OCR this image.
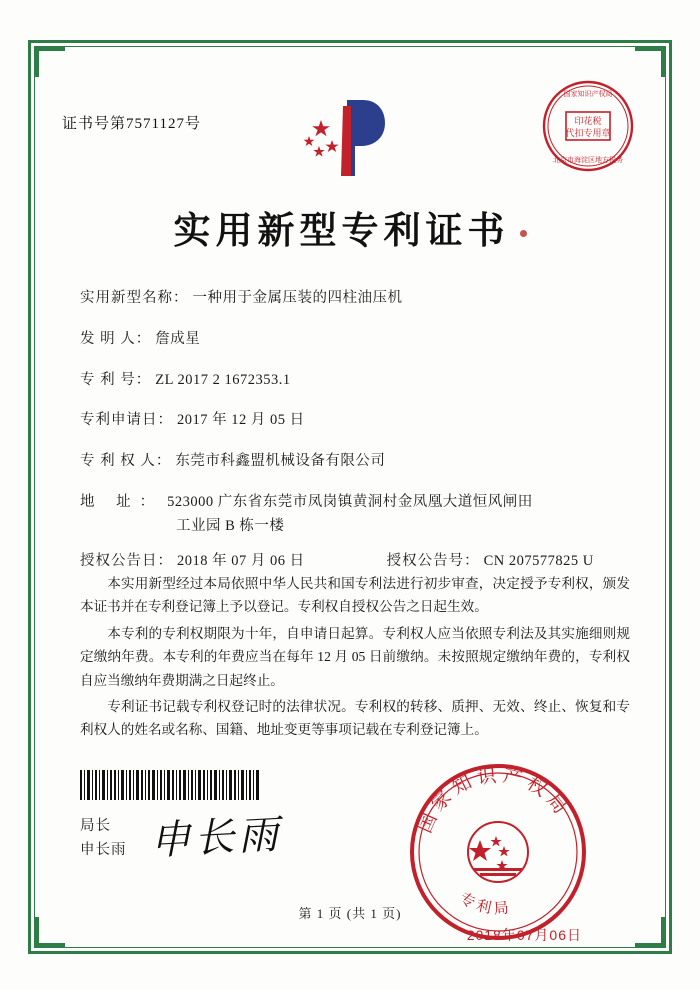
证书号第7571127号	印花税
代扣专用章
国家知识产权局
北京市海淀区地方税务
实用新型专利证书
实用新型名称： 一种用于金属压装的四柱油压机
发 明 人： 詹成星
专 利 号： ZL 2017 2 1672353.1
专利申请日： 2017 年 12 月 05 日
专 利 权 人： 东莞市科鑫盟机械设备有限公司
地 址： 523000 广东省东莞市凤岗镇黄洞村金凤凰大道恒风闸田
工业园 B 栋一楼
授权公告日： 2018 年 07 月 06 日	授权公告号： CN 207577825 U

本实用新型经过本局依照中华人民共和国专利法进行初步审查，决定授予专利权，颁发本证书并在专利登记簿上予以登记。专利权自授权公告之日起生效。

本专利的专利权期限为十年，自申请日起算。专利权人应当依照专利法及其实施细则规定缴纳年费。本专利的年费应当在每年 12 月 05 日前缴纳。未按照规定缴纳年费的，专利权自应当缴纳年费期满之日起终止。

专利证书记载专利权登记时的法律状况。专利权的转移、质押、无效、终止、恢复和专利权人的姓名或名称、国籍、地址变更等事项记载在专利登记簿上。

局长
申长雨 申长雨	国家知识产权局
专利局
2018年07月06日
第 1 页 (共 1 页)
